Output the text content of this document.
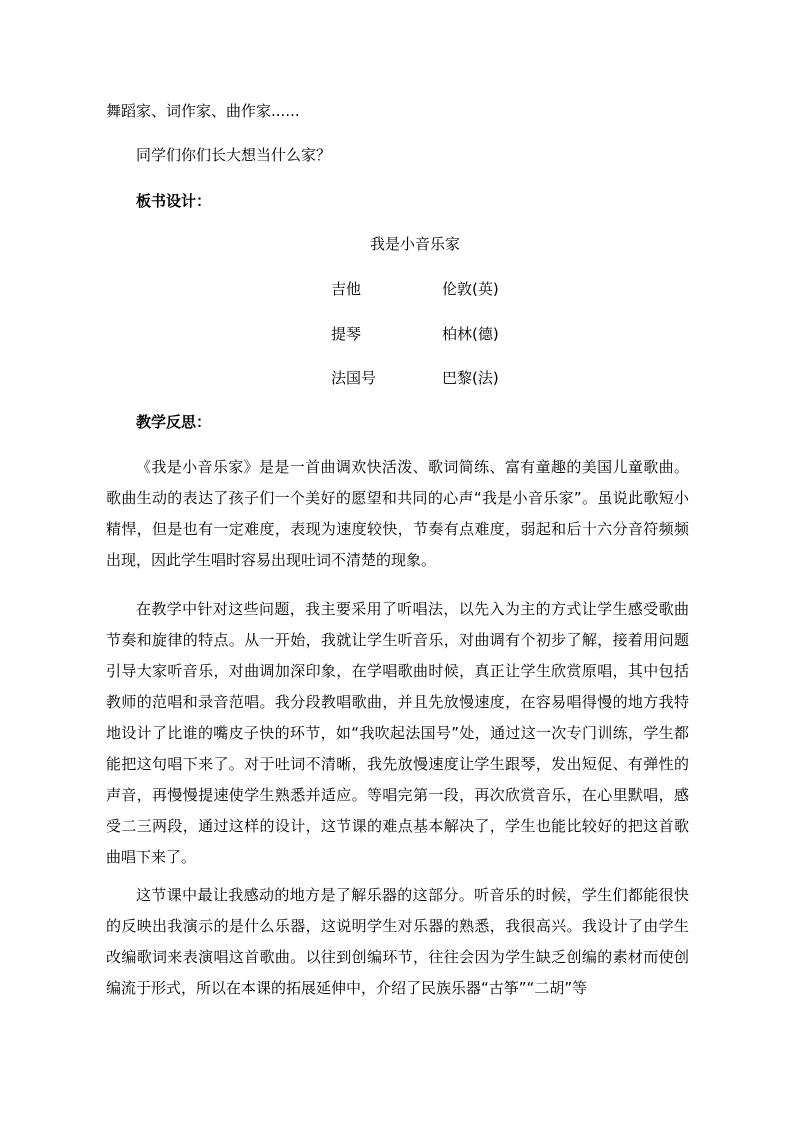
舞蹈家、词作家、曲作家......
同学们你们长大想当什么家？
板书设计：
我是小音乐家
吉他	伦敦(英)
提琴	柏林(德)
法国号	巴黎(法)
教学反思：

《我是小音乐家》是是一首曲调欢快活泼、歌词简练、富有童趣的美国儿童歌曲。歌曲生动的表达了孩子们一个美好的愿望和共同的心声“我是小音乐家”。虽说此歌短小精悍，但是也有一定难度，表现为速度较快，节奏有点难度，弱起和后十六分音符频频出现，因此学生唱时容易出现吐词不清楚的现象。

在教学中针对这些问题，我主要采用了听唱法，以先入为主的方式让学生感受歌曲节奏和旋律的特点。从一开始，我就让学生听音乐，对曲调有个初步了解，接着用问题引导大家听音乐，对曲调加深印象，在学唱歌曲时候，真正让学生欣赏原唱，其中包括教师的范唱和录音范唱。我分段教唱歌曲，并且先放慢速度，在容易唱得慢的地方我特地设计了比谁的嘴皮子快的环节，如“我吹起法国号”处，通过这一次专门训练，学生都能把这句唱下来了。对于吐词不清晰，我先放慢速度让学生跟琴，发出短促、有弹性的声音，再慢慢提速使学生熟悉并适应。等唱完第一段，再次欣赏音乐，在心里默唱，感受二三两段，通过这样的设计，这节课的难点基本解决了，学生也能比较好的把这首歌曲唱下来了。

这节课中最让我感动的地方是了解乐器的这部分。听音乐的时候，学生们都能很快的反映出我演示的是什么乐器，这说明学生对乐器的熟悉，我很高兴。我设计了由学生改编歌词来表演唱这首歌曲。以往到创编环节，往往会因为学生缺乏创编的素材而使创编流于形式，所以在本课的拓展延伸中，介绍了民族乐器“古筝”“二胡”等
